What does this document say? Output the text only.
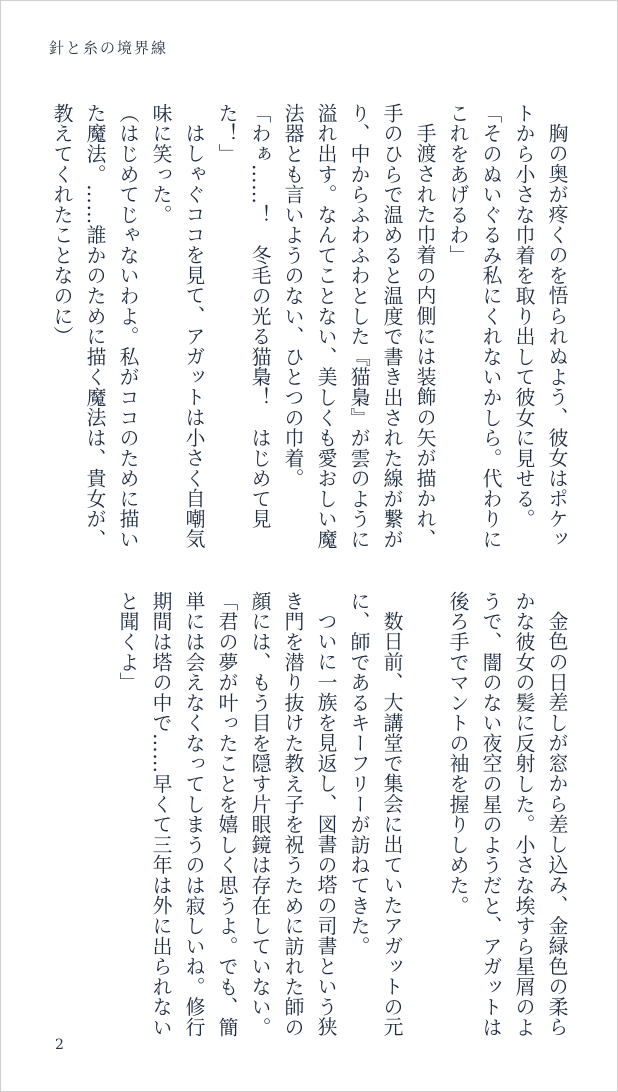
針と糸の境界線
胸の奥が疼くのを悟られぬよう、彼女はポケッ
トから小さな巾着を取り出して彼女に見せる。
「そのぬいぐるみ私にくれないかしら。代わりに
これをあげるわ」
手渡された巾着の内側には装飾の矢が描かれ、
手のひらで温めると温度で書き出された線が繋が
り、中からふわふわとした『猫梟』が雲のように
溢れ出す。なんてことない、美しくも愛おしい魔
法器とも言いようのない、ひとつの巾着。
「わぁ……！　冬毛の光る猫梟！　はじめて見
た！」
はしゃぐココを見て、アガットは小さく自嘲気
味に笑った。
（はじめてじゃないわよ。私がココのために描い
た魔法。……誰かのために描く魔法は、貴女が、
教えてくれたことなのに）
金色の日差しが窓から差し込み、金緑色の柔ら
かな彼女の髪に反射した。小さな埃すら星屑のよ
うで、闇のない夜空の星のようだと、アガットは
後ろ手でマントの袖を握りしめた。
数日前、大講堂で集会に出ていたアガットの元
に、師であるキーフリーが訪ねてきた。
ついに一族を見返し、図書の塔の司書という狭
き門を潜り抜けた教え子を祝うために訪れた師の
顔には、もう目を隠す片眼鏡は存在していない。
「君の夢が叶ったことを嬉しく思うよ。でも、簡
単には会えなくなってしまうのは寂しいね。修行
期間は塔の中で……早くて三年は外に出られない
と聞くよ」
2
